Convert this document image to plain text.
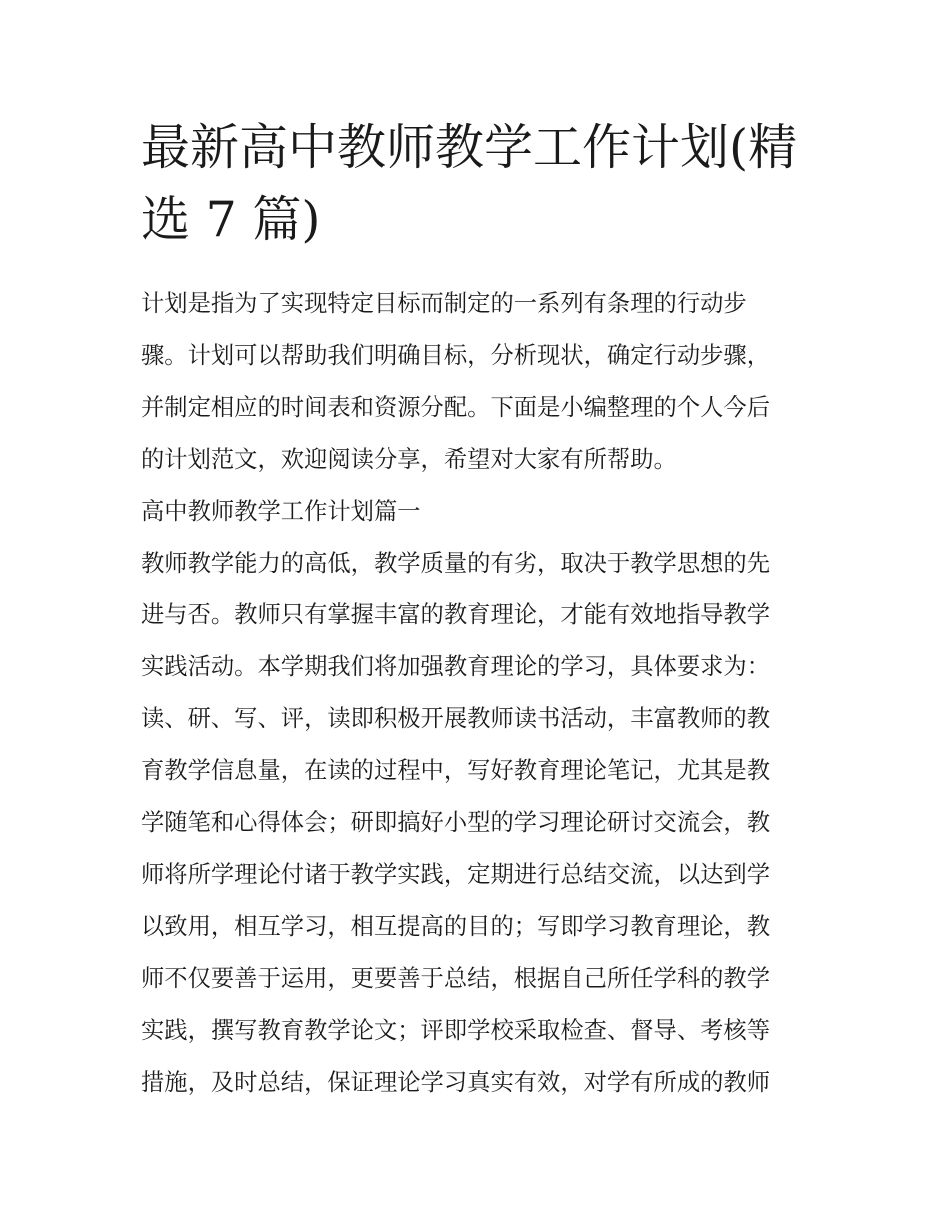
最新高中教师教学工作计划(精
选 7 篇)

计划是指为了实现特定目标而制定的一系列有条理的行动步
骤。计划可以帮助我们明确目标，分析现状，确定行动步骤，
并制定相应的时间表和资源分配。下面是小编整理的个人今后
的计划范文，欢迎阅读分享，希望对大家有所帮助。

高中教师教学工作计划篇一

教师教学能力的高低，教学质量的有劣，取决于教学思想的先
进与否。教师只有掌握丰富的教育理论，才能有效地指导教学
实践活动。本学期我们将加强教育理论的学习，具体要求为：
读、研、写、评，读即积极开展教师读书活动，丰富教师的教
育教学信息量，在读的过程中，写好教育理论笔记，尤其是教
学随笔和心得体会；研即搞好小型的学习理论研讨交流会，教
师将所学理论付诸于教学实践，定期进行总结交流，以达到学
以致用，相互学习，相互提高的目的；写即学习教育理论，教
师不仅要善于运用，更要善于总结，根据自己所任学科的教学
实践，撰写教育教学论文；评即学校采取检查、督导、考核等
措施，及时总结，保证理论学习真实有效，对学有所成的教师
